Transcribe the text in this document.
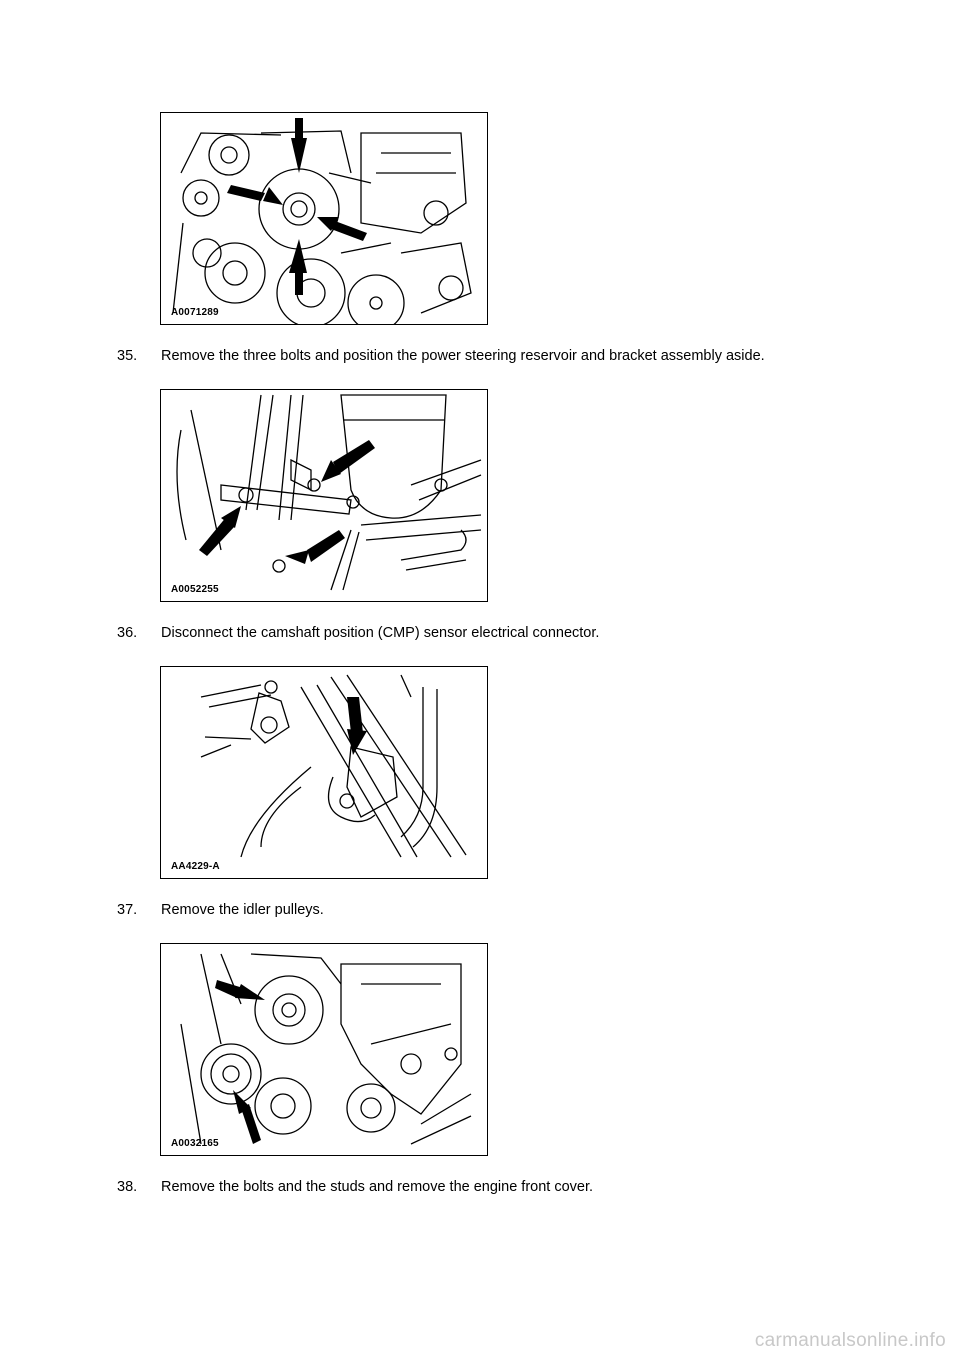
A0071289
35. Remove the three bolts and position the power steering reservoir and bracket assembly aside.
A0052255
36. Disconnect the camshaft position (CMP) sensor electrical connector.
AA4229-A
37. Remove the idler pulleys.
A0032165
38. Remove the bolts and the studs and remove the engine front cover.
carmanualsonline.info
